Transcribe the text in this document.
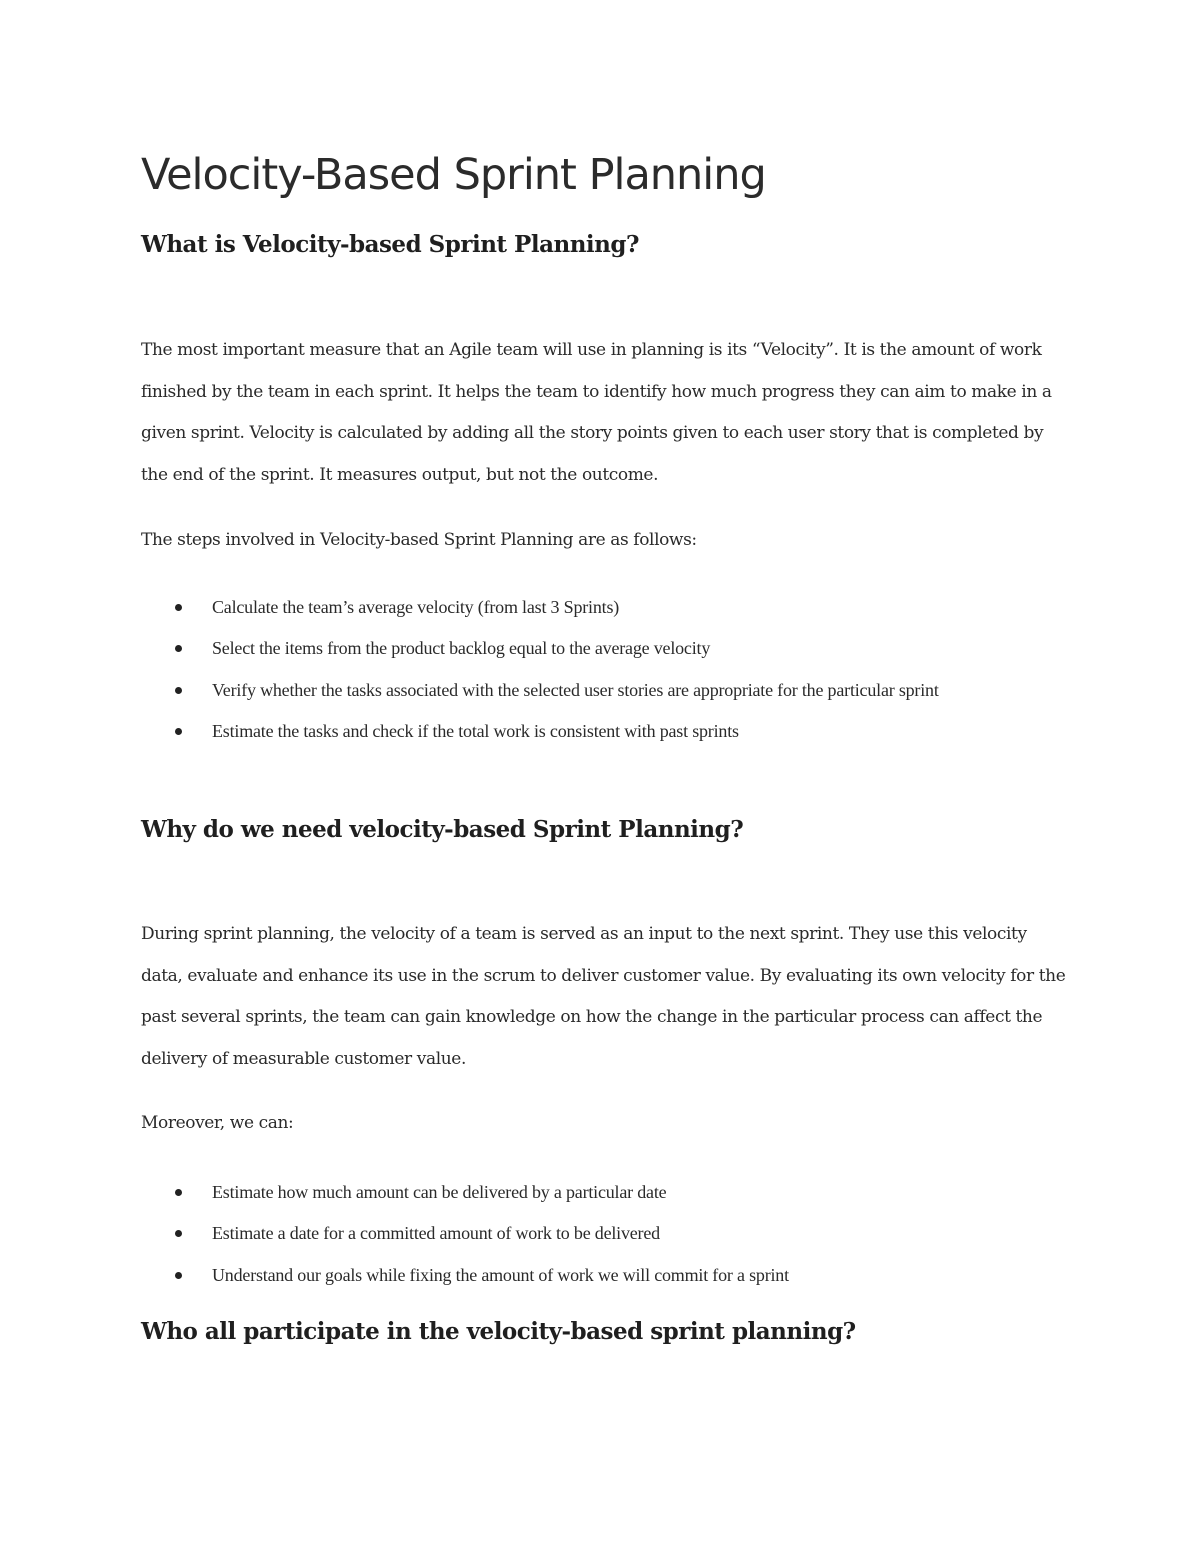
Velocity-Based Sprint Planning
What is Velocity-based Sprint Planning?

The most important measure that an Agile team will use in planning is its “Velocity”. It is the amount of work finished by the team in each sprint. It helps the team to identify how much progress they can aim to make in a given sprint. Velocity is calculated by adding all the story points given to each user story that is completed by the end of the sprint. It measures output, but not the outcome.

The steps involved in Velocity-based Sprint Planning are as follows:

Calculate the team’s average velocity (from last 3 Sprints)
Select the items from the product backlog equal to the average velocity
Verify whether the tasks associated with the selected user stories are appropriate for the particular sprint
Estimate the tasks and check if the total work is consistent with past sprints
Why do we need velocity-based Sprint Planning?

During sprint planning, the velocity of a team is served as an input to the next sprint. They use this velocity data, evaluate and enhance its use in the scrum to deliver customer value. By evaluating its own velocity for the past several sprints, the team can gain knowledge on how the change in the particular process can affect the delivery of measurable customer value.

Moreover, we can:

Estimate how much amount can be delivered by a particular date
Estimate a date for a committed amount of work to be delivered
Understand our goals while fixing the amount of work we will commit for a sprint
Who all participate in the velocity-based sprint planning?
